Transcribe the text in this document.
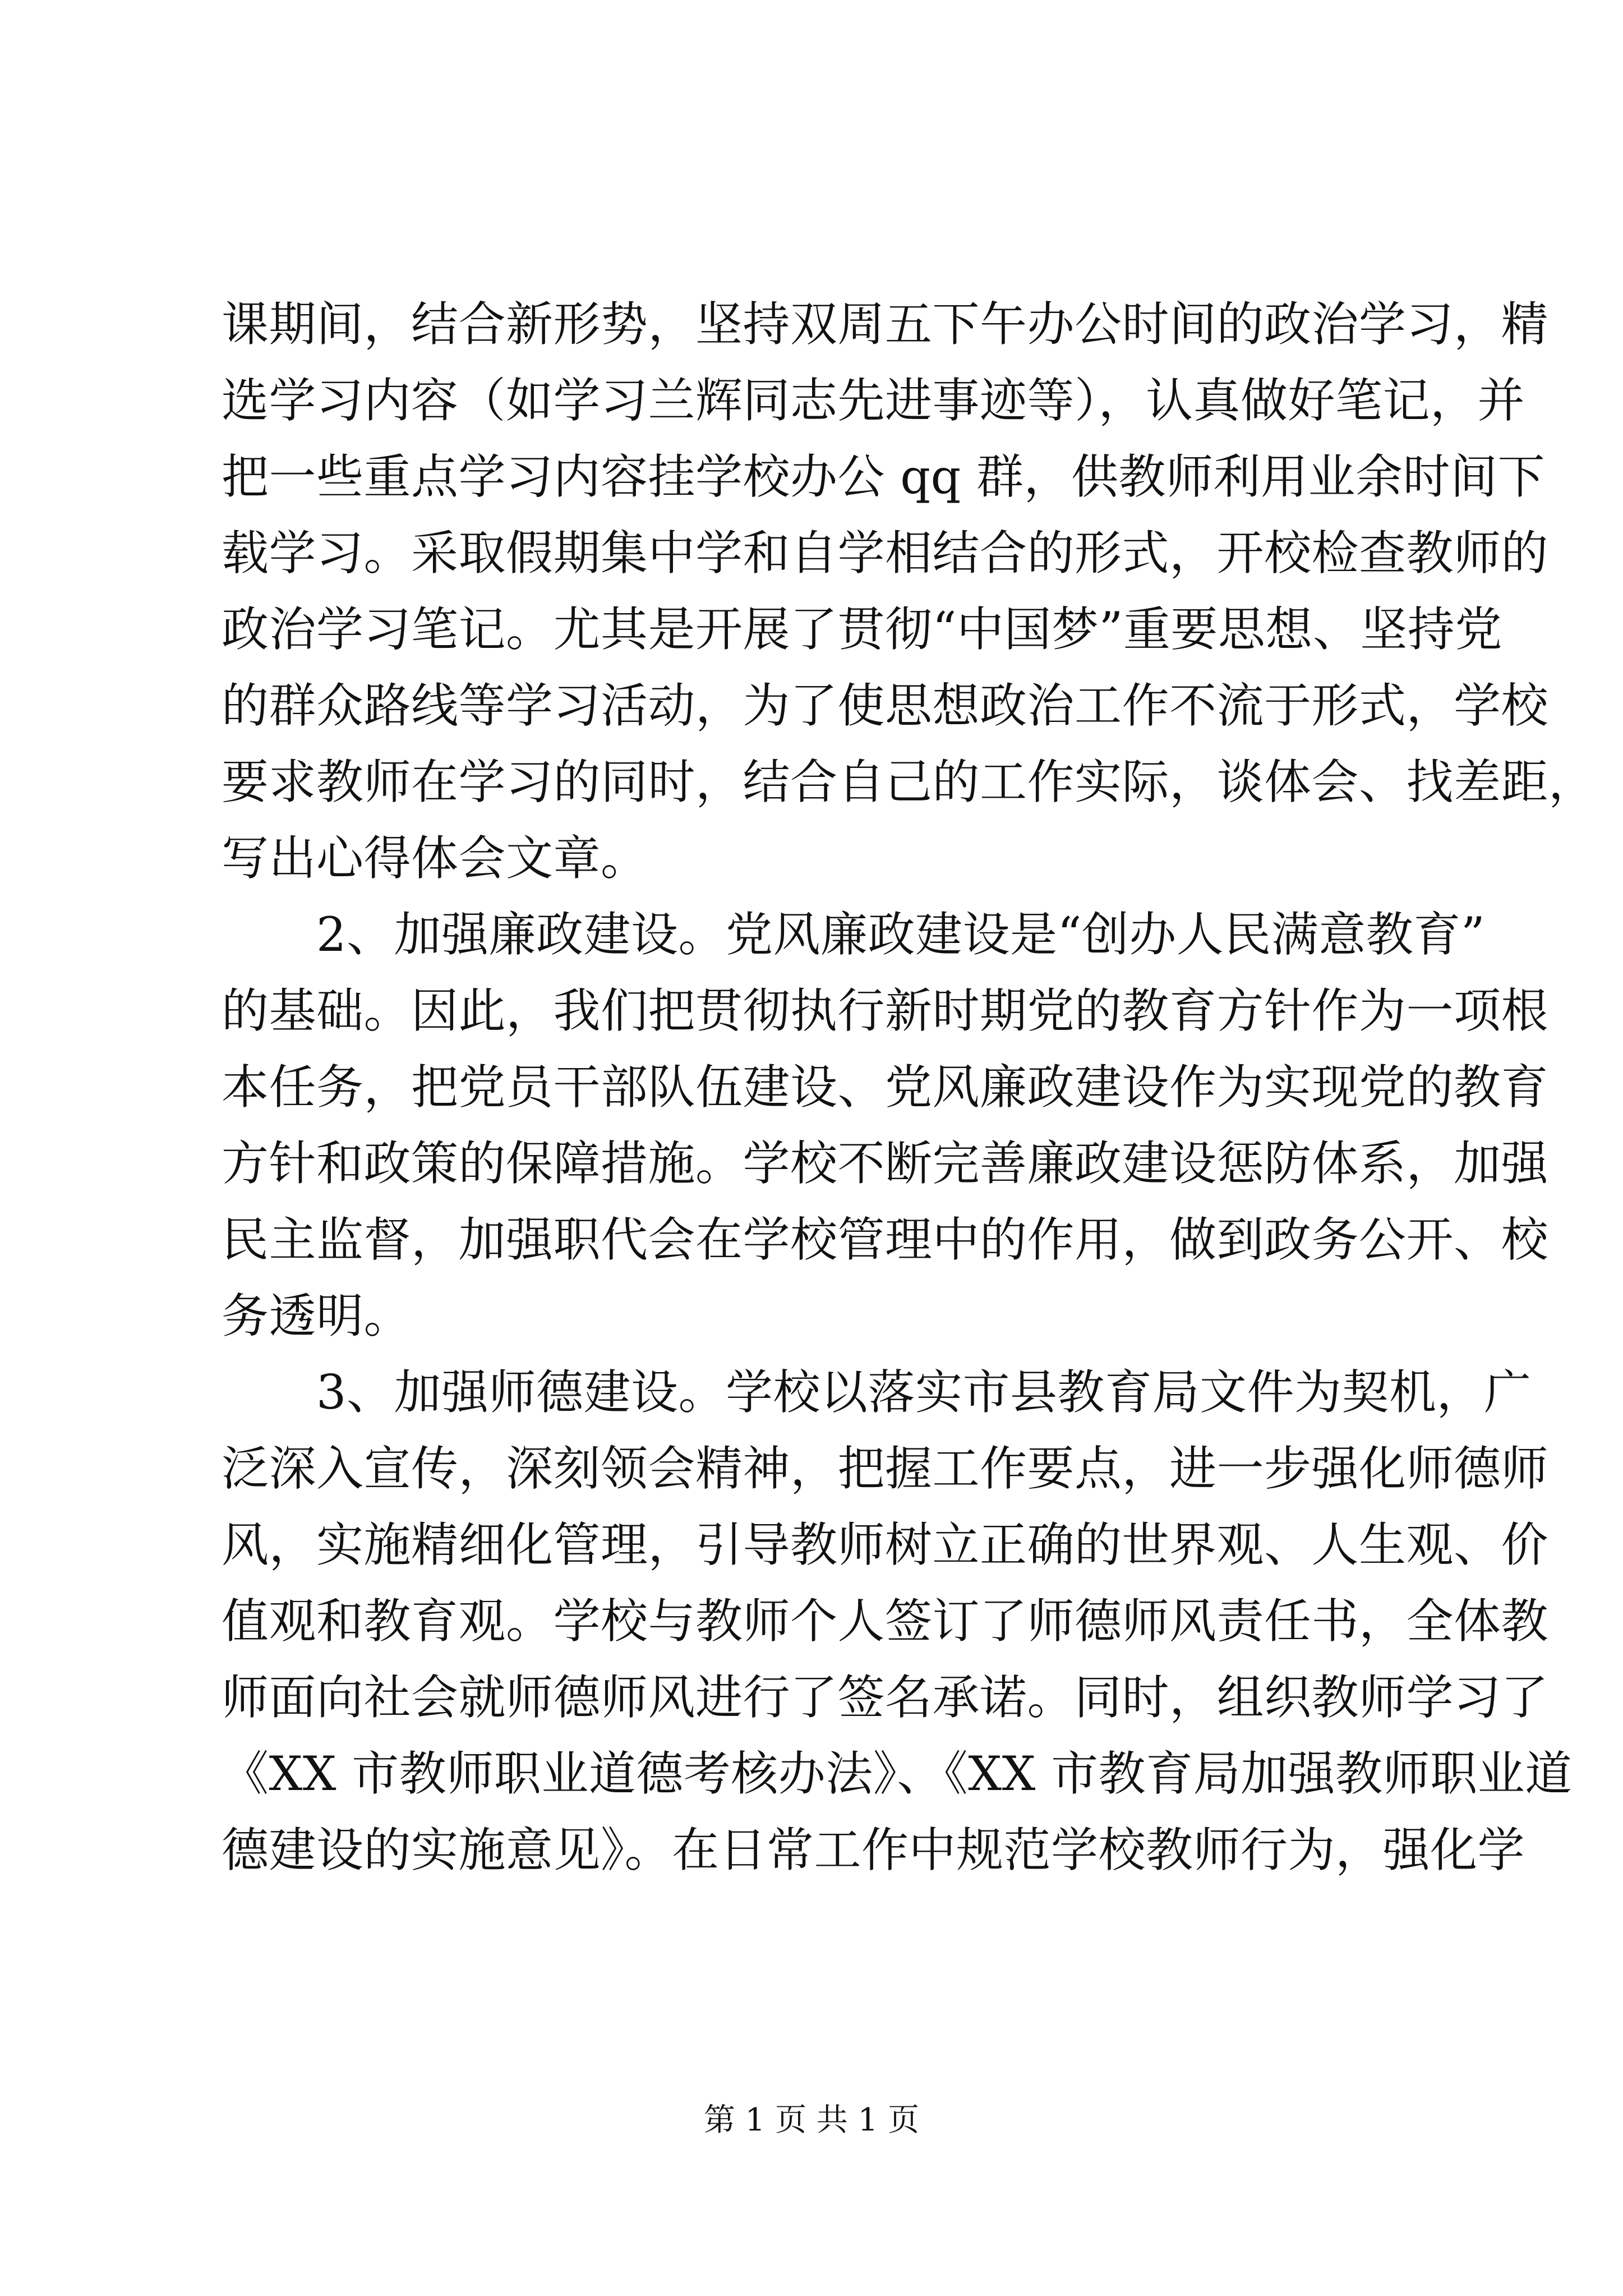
课期间，结合新形势，坚持双周五下午办公时间的政治学习，精
选学习内容（如学习兰辉同志先进事迹等），认真做好笔记，并
把一些重点学习内容挂学校办公 qq 群，供教师利用业余时间下
载学习。采取假期集中学和自学相结合的形式，开校检查教师的
政治学习笔记。尤其是开展了贯彻“中国梦”重要思想、坚持党
的群众路线等学习活动，为了使思想政治工作不流于形式，学校
要求教师在学习的同时，结合自己的工作实际，谈体会、找差距，
写出心得体会文章。
　　2、加强廉政建设。党风廉政建设是“创办人民满意教育”
的基础。因此，我们把贯彻执行新时期党的教育方针作为一项根
本任务，把党员干部队伍建设、党风廉政建设作为实现党的教育
方针和政策的保障措施。学校不断完善廉政建设惩防体系，加强
民主监督，加强职代会在学校管理中的作用，做到政务公开、校
务透明。
　　3、加强师德建设。学校以落实市县教育局文件为契机，广
泛深入宣传，深刻领会精神，把握工作要点，进一步强化师德师
风，实施精细化管理，引导教师树立正确的世界观、人生观、价
值观和教育观。学校与教师个人签订了师德师风责任书，全体教
师面向社会就师德师风进行了签名承诺。同时，组织教师学习了
《XX 市教师职业道德考核办法》、《XX 市教育局加强教师职业道
德建设的实施意见》。在日常工作中规范学校教师行为，强化学
第 1 页 共 1 页
